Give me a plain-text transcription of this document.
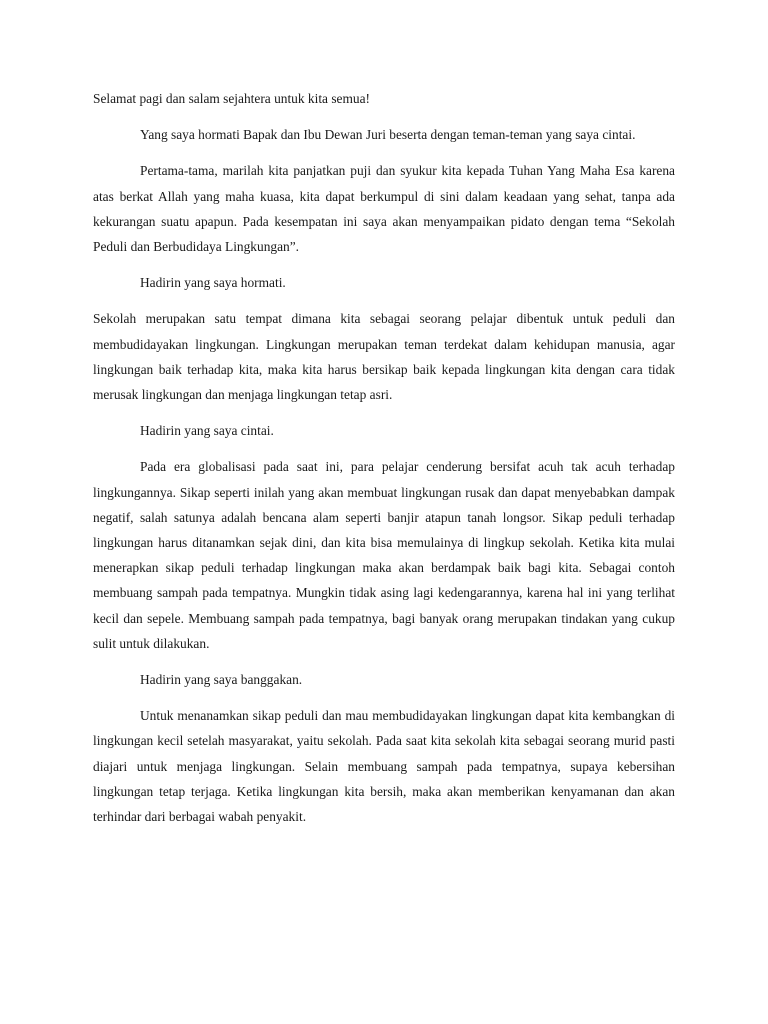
Selamat pagi dan salam sejahtera untuk kita semua!

Yang saya hormati Bapak dan Ibu Dewan Juri beserta dengan teman-teman yang saya cintai.

Pertama-tama, marilah kita panjatkan puji dan syukur kita kepada Tuhan Yang Maha Esa karena atas berkat Allah yang maha kuasa, kita dapat berkumpul di sini dalam keadaan yang sehat, tanpa ada kekurangan suatu apapun. Pada kesempatan ini saya akan menyampaikan pidato dengan tema “Sekolah Peduli dan Berbudidaya Lingkungan”.

Hadirin yang saya hormati.

Sekolah merupakan satu tempat dimana kita sebagai seorang pelajar dibentuk untuk peduli dan membudidayakan lingkungan. Lingkungan merupakan teman terdekat dalam kehidupan manusia, agar lingkungan baik terhadap kita, maka kita harus bersikap baik kepada lingkungan kita dengan cara tidak merusak lingkungan dan menjaga lingkungan tetap asri.

Hadirin yang saya cintai.

Pada era globalisasi pada saat ini, para pelajar cenderung bersifat acuh tak acuh terhadap lingkungannya. Sikap seperti inilah yang akan membuat lingkungan rusak dan dapat menyebabkan dampak negatif, salah satunya adalah bencana alam seperti banjir atapun tanah longsor. Sikap peduli terhadap lingkungan harus ditanamkan sejak dini, dan kita bisa memulainya di lingkup sekolah. Ketika kita mulai menerapkan sikap peduli terhadap lingkungan maka akan berdampak baik bagi kita. Sebagai contoh membuang sampah pada tempatnya. Mungkin tidak asing lagi kedengarannya, karena hal ini yang terlihat kecil dan sepele. Membuang sampah pada tempatnya, bagi banyak orang merupakan tindakan yang cukup sulit untuk dilakukan.

Hadirin yang saya banggakan.

Untuk menanamkan sikap peduli dan mau membudidayakan lingkungan dapat kita kembangkan di lingkungan kecil setelah masyarakat, yaitu sekolah. Pada saat kita sekolah kita sebagai seorang murid pasti diajari untuk menjaga lingkungan. Selain membuang sampah pada tempatnya, supaya kebersihan lingkungan tetap terjaga. Ketika lingkungan kita bersih, maka akan memberikan kenyamanan dan akan terhindar dari berbagai wabah penyakit.
